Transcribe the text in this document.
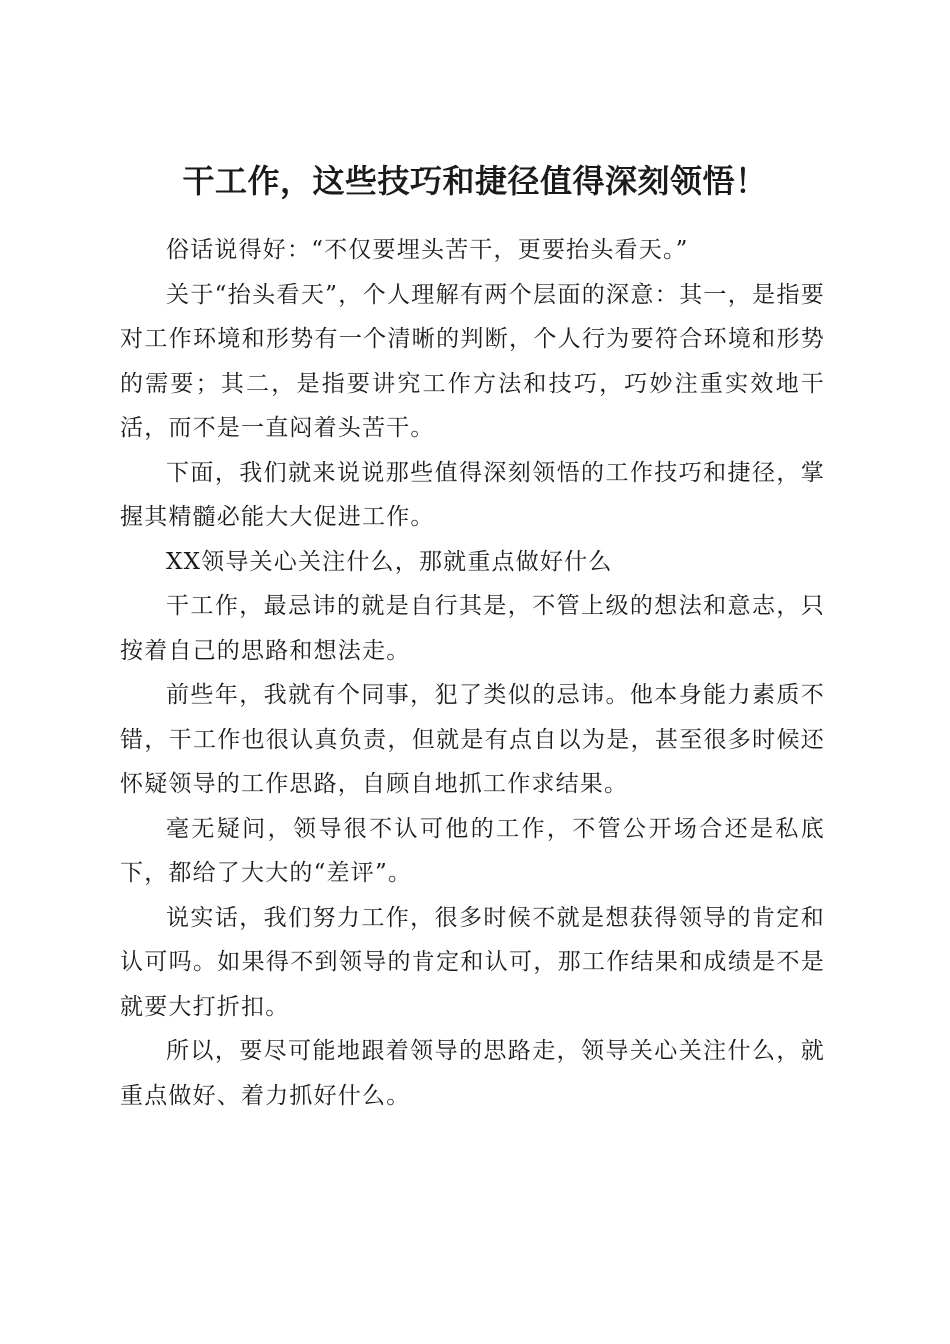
干工作，这些技巧和捷径值得深刻领悟！

俗话说得好：“不仅要埋头苦干，更要抬头看天。”

关于“抬头看天”，个人理解有两个层面的深意：其一，是指要对工作环境和形势有一个清晰的判断，个人行为要符合环境和形势的需要；其二，是指要讲究工作方法和技巧，巧妙注重实效地干活，而不是一直闷着头苦干。

下面，我们就来说说那些值得深刻领悟的工作技巧和捷径，掌握其精髓必能大大促进工作。

XX领导关心关注什么，那就重点做好什么

干工作，最忌讳的就是自行其是，不管上级的想法和意志，只按着自己的思路和想法走。

前些年，我就有个同事，犯了类似的忌讳。他本身能力素质不错，干工作也很认真负责，但就是有点自以为是，甚至很多时候还怀疑领导的工作思路，自顾自地抓工作求结果。

毫无疑问，领导很不认可他的工作，不管公开场合还是私底下，都给了大大的“差评”。

说实话，我们努力工作，很多时候不就是想获得领导的肯定和认可吗。如果得不到领导的肯定和认可，那工作结果和成绩是不是就要大打折扣。

所以，要尽可能地跟着领导的思路走，领导关心关注什么，就重点做好、着力抓好什么。
